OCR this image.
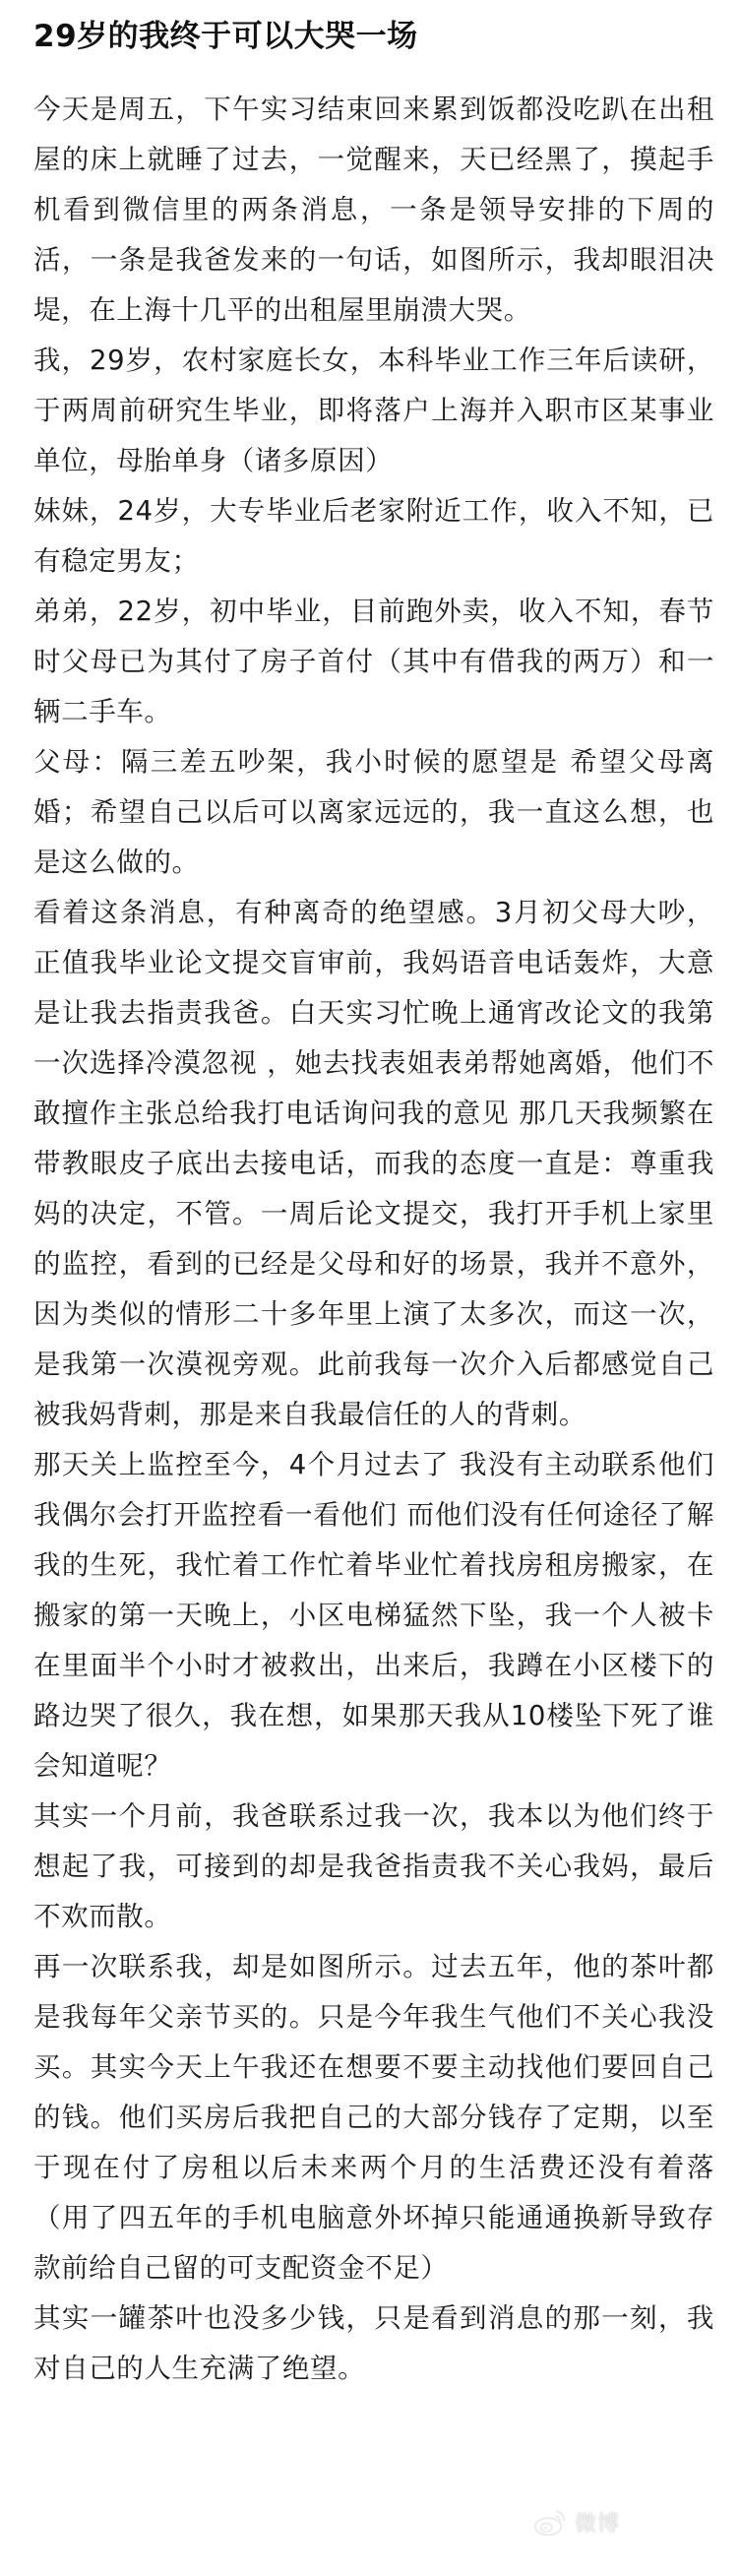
29岁的我终于可以大哭一场

今天是周五，下午实习结束回来累到饭都没吃趴在出租屋的床上就睡了过去，一觉醒来，天已经黑了，摸起手机看到微信里的两条消息，一条是领导安排的下周的活，一条是我爸发来的一句话，如图所示，我却眼泪决堤，在上海十几平的出租屋里崩溃大哭。

我，29岁，农村家庭长女，本科毕业工作三年后读研，于两周前研究生毕业，即将落户上海并入职市区某事业单位，母胎单身（诸多原因）

妹妹，24岁，大专毕业后老家附近工作，收入不知，已有稳定男友；

弟弟，22岁，初中毕业，目前跑外卖，收入不知，春节时父母已为其付了房子首付（其中有借我的两万）和一辆二手车。

父母：隔三差五吵架，我小时候的愿望是 希望父母离婚；希望自己以后可以离家远远的，我一直这么想，也是这么做的。

看着这条消息，有种离奇的绝望感。3月初父母大吵，正值我毕业论文提交盲审前，我妈语音电话轰炸，大意是让我去指责我爸。白天实习忙晚上通宵改论文的我第一次选择冷漠忽视 ，她去找表姐表弟帮她离婚，他们不敢擅作主张总给我打电话询问我的意见 那几天我频繁在带教眼皮子底出去接电话，而我的态度一直是：尊重我妈的决定，不管。一周后论文提交，我打开手机上家里的监控，看到的已经是父母和好的场景，我并不意外，因为类似的情形二十多年里上演了太多次，而这一次，是我第一次漠视旁观。此前我每一次介入后都感觉自己被我妈背刺，那是来自我最信任的人的背刺。

那天关上监控至今，4个月过去了 我没有主动联系他们 我偶尔会打开监控看一看他们 而他们没有任何途径了解我的生死，我忙着工作忙着毕业忙着找房租房搬家，在搬家的第一天晚上，小区电梯猛然下坠，我一个人被卡在里面半个小时才被救出，出来后，我蹲在小区楼下的路边哭了很久，我在想，如果那天我从10楼坠下死了谁会知道呢？

其实一个月前，我爸联系过我一次，我本以为他们终于想起了我，可接到的却是我爸指责我不关心我妈，最后不欢而散。

再一次联系我，却是如图所示。过去五年，他的茶叶都是我每年父亲节买的。只是今年我生气他们不关心我没买。其实今天上午我还在想要不要主动找他们要回自己的钱。他们买房后我把自己的大部分钱存了定期，以至于现在付了房租以后未来两个月的生活费还没有着落（用了四五年的手机电脑意外坏掉只能通通换新导致存款前给自己留的可支配资金不足）

其实一罐茶叶也没多少钱，只是看到消息的那一刻，我对自己的人生充满了绝望。

微博
